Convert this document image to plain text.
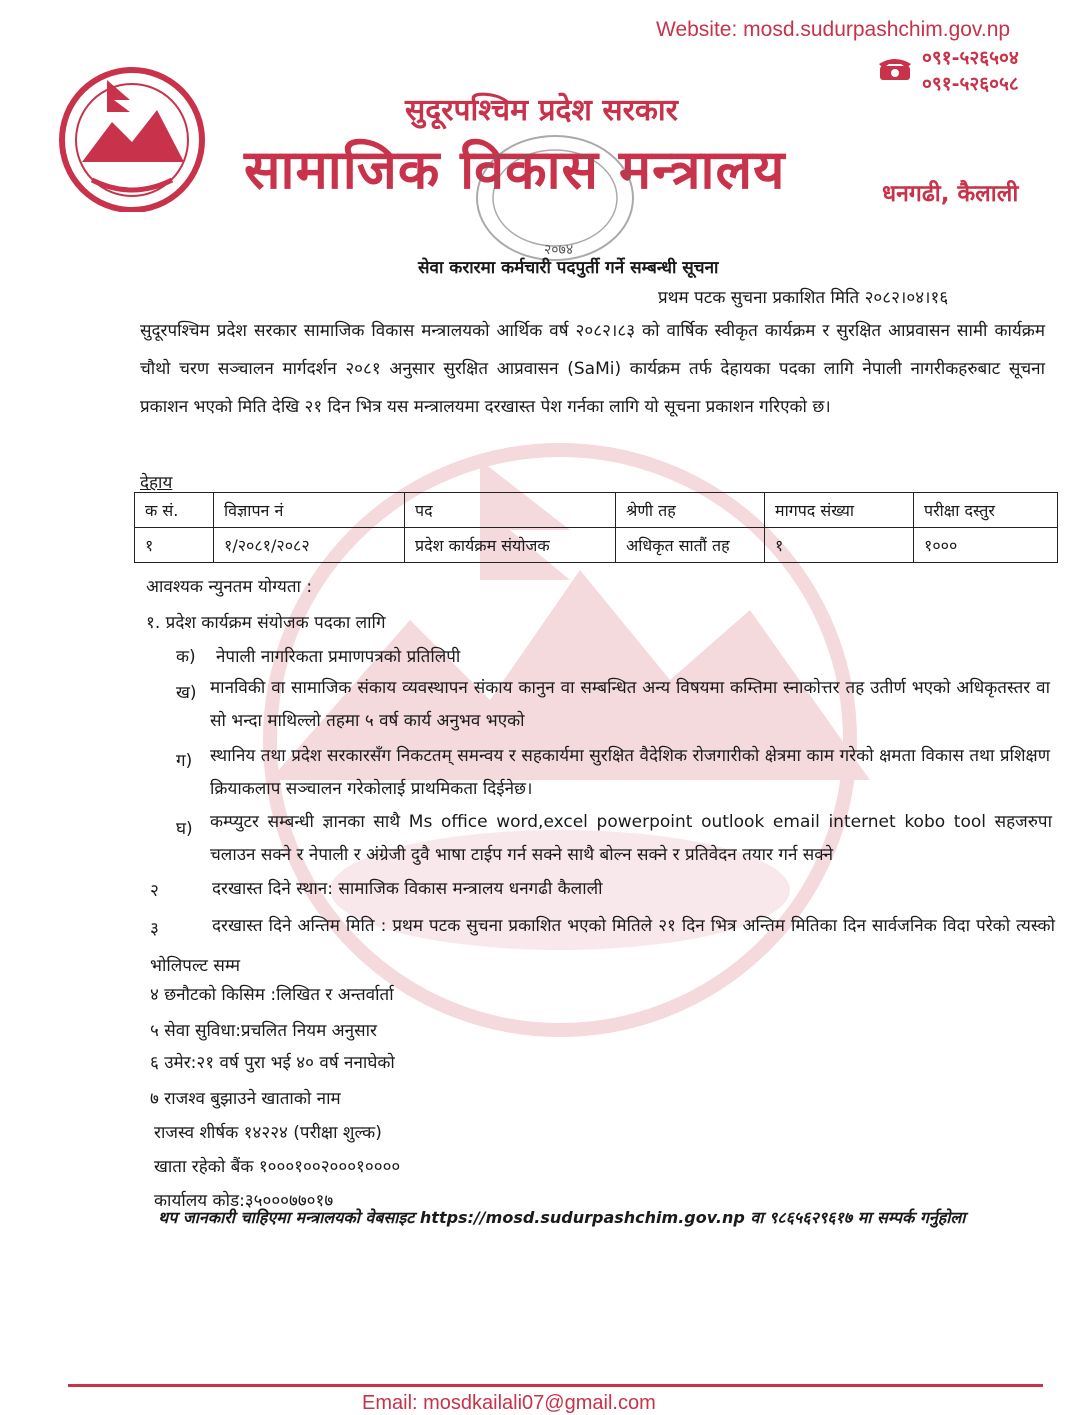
Website: mosd.sudurpashchim.gov.np
०९१-५२६५०४
०९१-५२६०५८
सुदूरपश्चिम प्रदेश सरकार
सामाजिक विकास मन्त्रालय	धनगढी, कैलाली
२०७४
सेवा करारमा कर्मचारी पदपुर्ती गर्ने सम्बन्धी सूचना
प्रथम पटक सुचना प्रकाशित मिति २०८२।०४।१६
सुदूरपश्चिम प्रदेश सरकार सामाजिक विकास मन्त्रालयको आर्थिक वर्ष २०८२।८३ को वार्षिक स्वीकृत कार्यक्रम र सुरक्षित आप्रवासन सामी कार्यक्रम चौथो चरण सञ्चालन मार्गदर्शन २०८१ अनुसार सुरक्षित आप्रवासन (SaMi) कार्यक्रम तर्फ देहायका पदका लागि नेपाली नागरीकहरुबाट सूचना प्रकाशन भएको मिति देखि २१ दिन भित्र यस मन्त्रालयमा दरखास्त पेश गर्नका लागि यो सूचना प्रकाशन गरिएको छ।
देहाय
क सं.	विज्ञापन नं	पद	श्रेणी तह	मागपद संख्या	परीक्षा दस्तुर
१	१/२०८१/२०८२	प्रदेश कार्यक्रम संयोजक	अधिकृत सातौं तह	१	१०००
आवश्यक न्युनतम योग्यता :
१. प्रदेश कार्यक्रम संयोजक पदका लागि
क) नेपाली नागरिकता प्रमाणपत्रको प्रतिलिपी
ख) मानविकी वा सामाजिक संकाय व्यवस्थापन संकाय कानुन वा सम्बन्धित अन्य विषयमा कम्तिमा स्नाकोत्तर तह उतीर्ण भएको अधिकृतस्तर वा सो भन्दा माथिल्लो तहमा ५ वर्ष कार्य अनुभव भएको
ग) स्थानिय तथा प्रदेश सरकारसँग निकटतम् समन्वय र सहकार्यमा सुरक्षित वैदेशिक रोजगारीको क्षेत्रमा काम गरेको क्षमता विकास तथा प्रशिक्षण क्रियाकलाप सञ्चालन गरेकोलाई प्राथमिकता दिईनेछ।
घ) कम्प्युटर सम्बन्धी ज्ञानका साथै Ms office word,excel powerpoint outlook email internet kobo tool सहजरुपा चलाउन सक्ने र नेपाली र अंग्रेजी दुवै भाषा टाईप गर्न सक्ने साथै बोल्न सक्ने र प्रतिवेदन तयार गर्न सक्ने
२	दरखास्त दिने स्थान: सामाजिक विकास मन्त्रालय धनगढी कैलाली
३	दरखास्त दिने अन्तिम मिति : प्रथम पटक सुचना प्रकाशित भएको मितिले २१ दिन भित्र अन्तिम मितिका दिन सार्वजनिक विदा परेको त्यस्को भोलिपल्ट सम्म
४ छनौटको किसिम :लिखित र अन्तर्वार्ता
५ सेवा सुविधा:प्रचलित नियम अनुसार
६ उमेर:२१ वर्ष पुरा भई ४० वर्ष ननाघेको
७ राजश्व बुझाउने खाताको नाम
राजस्व शीर्षक १४२२४ (परीक्षा शुल्क)
खाता रहेको बैंक १०००१००२०००१००००
कार्यालय कोड:३५०००७७०१७
थप जानकारी चाहिएमा मन्त्रालयको वेबसाइट https://mosd.sudurpashchim.gov.np वा ९८६५६२९६१७ मा सम्पर्क गर्नुहोला
Email: mosdkailali07@gmail.com
